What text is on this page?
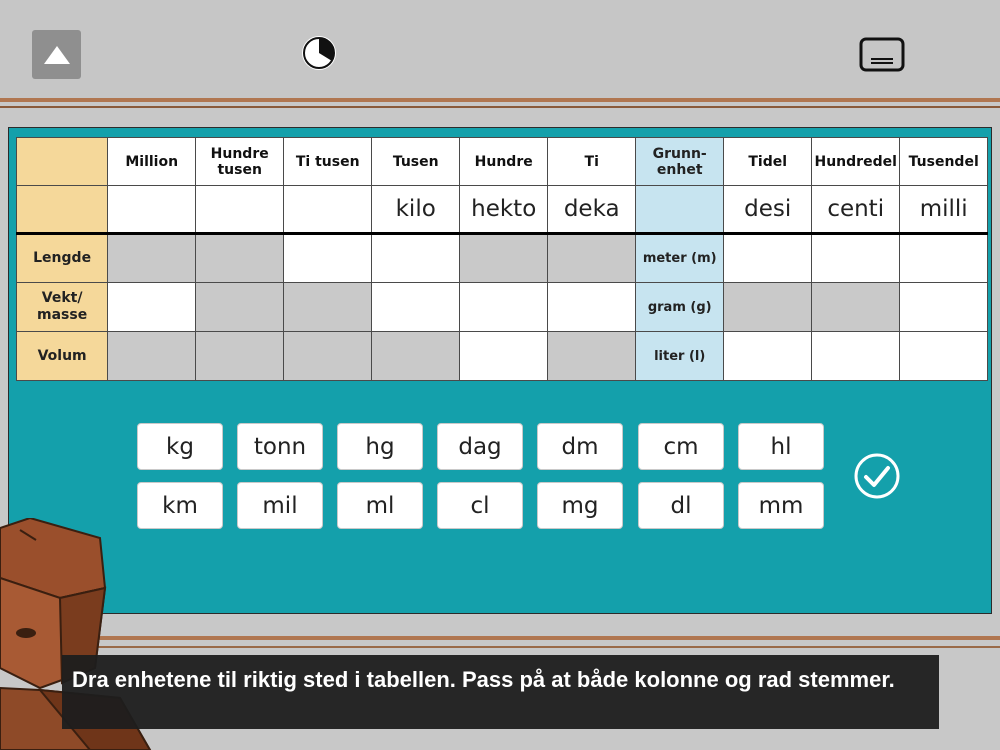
	Million	Hundre tusen	Ti tusen	Tusen	Hundre	Ti	Grunn-enhet	Tidel	Hundredel	Tusendel
				kilo	hekto	deka		desi	centi	milli
Lengde							meter (m)			
Vekt/ masse							gram (g)			
Volum							liter (l)			
kg	tonn	hg	dag	dm	cm	hl
km	mil	ml	cl	mg	dl	mm
Dra enhetene til riktig sted i tabellen. Pass på at både kolonne og rad stemmer.
